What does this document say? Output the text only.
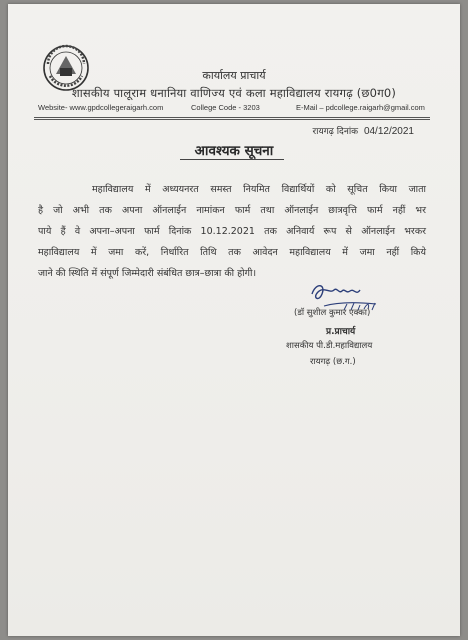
कार्यालय प्राचार्य
शासकीय पालूराम धनानिया वाणिज्य एवं कला महाविद्यालय रायगढ़ (छ0ग0)
Website- www.gpdcollegeraigarh.com	College Code - 3203	E-Mail – pdcollege.raigarh@gmail.com
रायगढ़ दिनांक 04/12/2021
आवश्यक सूचना
महाविद्यालय में अध्ययनरत समस्त नियमित विद्यार्थियों को सूचित किया जाता
है जो अभी तक अपना ऑनलाईन नामांकन फार्म तथा ऑनलाईन छात्रवृत्ति फार्म नहीं भर
पाये हैं वे अपना–अपना फार्म दिनांक 10.12.2021 तक अनिवार्य रूप से ऑनलाईन भरकर
महाविद्यालय में जमा करें, निर्धारित तिथि तक आवेदन महाविद्यालय में जमा नहीं किये
जाने की स्थिति में संपूर्ण जिम्मेदारी संबंधित छात्र–छात्रा की होगी।
(डॉ सुशील कुमार एक्का)
प्र.प्राचार्य
शासकीय पी.डी.महाविद्यालय
रायगढ़ (छ.ग.)
